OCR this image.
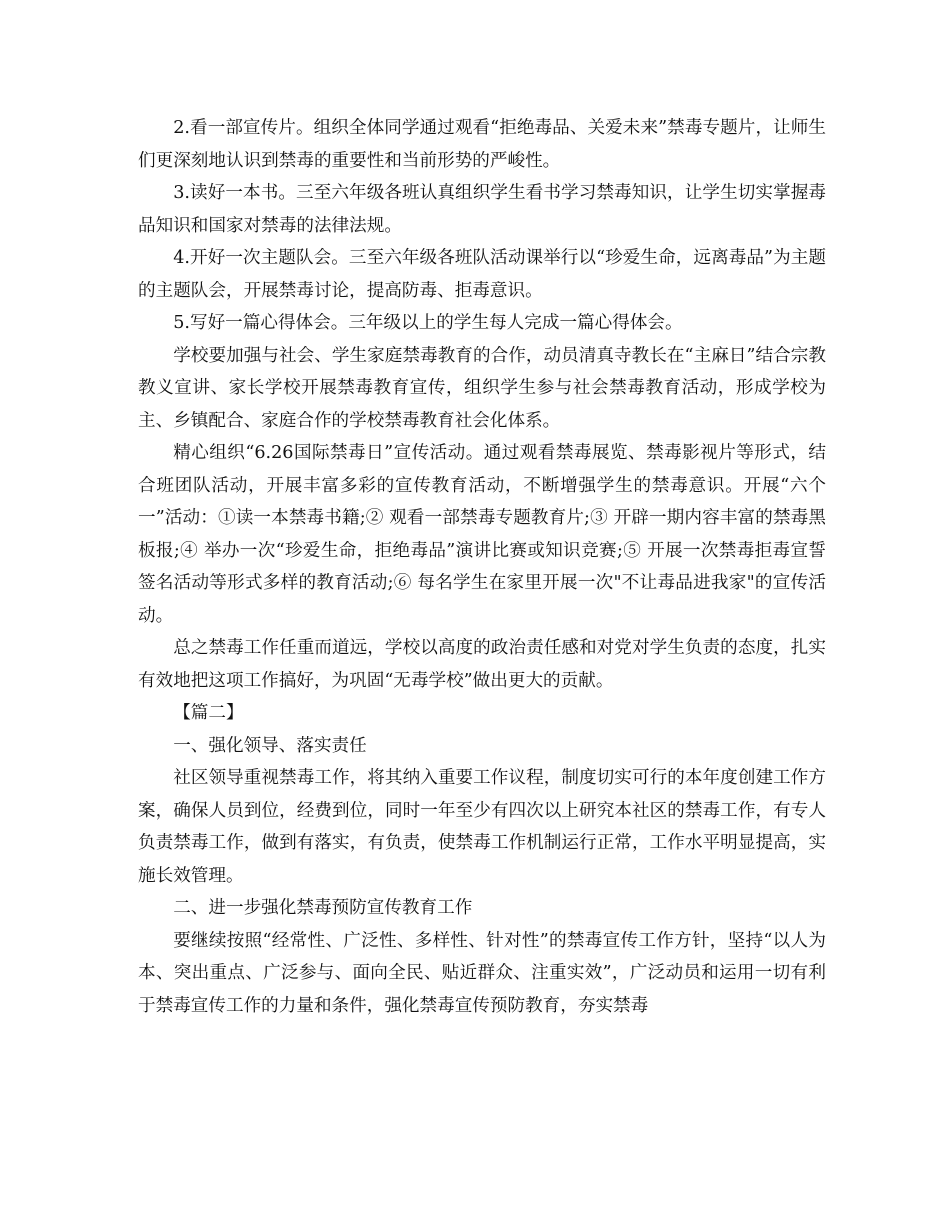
2.看一部宣传片。组织全体同学通过观看“拒绝毒品、关爱未来”禁毒专题片，让师生们更深刻地认识到禁毒的重要性和当前形势的严峻性。

3.读好一本书。三至六年级各班认真组织学生看书学习禁毒知识，让学生切实掌握毒品知识和国家对禁毒的法律法规。

4.开好一次主题队会。三至六年级各班队活动课举行以“珍爱生命，远离毒品”为主题的主题队会，开展禁毒讨论，提高防毒、拒毒意识。

5.写好一篇心得体会。三年级以上的学生每人完成一篇心得体会。

学校要加强与社会、学生家庭禁毒教育的合作，动员清真寺教长在“主麻日”结合宗教教义宣讲、家长学校开展禁毒教育宣传，组织学生参与社会禁毒教育活动，形成学校为主、乡镇配合、家庭合作的学校禁毒教育社会化体系。

精心组织“6.26国际禁毒日”宣传活动。通过观看禁毒展览、禁毒影视片等形式，结合班团队活动，开展丰富多彩的宣传教育活动，不断增强学生的禁毒意识。开展“六个一”活动：①读一本禁毒书籍;② 观看一部禁毒专题教育片;③ 开辟一期内容丰富的禁毒黑板报;④ 举办一次“珍爱生命，拒绝毒品”演讲比赛或知识竞赛;⑤ 开展一次禁毒拒毒宣誓签名活动等形式多样的教育活动;⑥ 每名学生在家里开展一次"不让毒品进我家"的宣传活动。

总之禁毒工作任重而道远，学校以高度的政治责任感和对党对学生负责的态度，扎实有效地把这项工作搞好，为巩固“无毒学校”做出更大的贡献。

【篇二】

一、强化领导、落实责任

社区领导重视禁毒工作，将其纳入重要工作议程，制度切实可行的本年度创建工作方案，确保人员到位，经费到位，同时一年至少有四次以上研究本社区的禁毒工作，有专人负责禁毒工作，做到有落实，有负责，使禁毒工作机制运行正常，工作水平明显提高，实施长效管理。

二、进一步强化禁毒预防宣传教育工作

要继续按照“经常性、广泛性、多样性、针对性”的禁毒宣传工作方针，坚持“以人为本、突出重点、广泛参与、面向全民、贴近群众、注重实效”，广泛动员和运用一切有利于禁毒宣传工作的力量和条件，强化禁毒宣传预防教育，夯实禁毒
